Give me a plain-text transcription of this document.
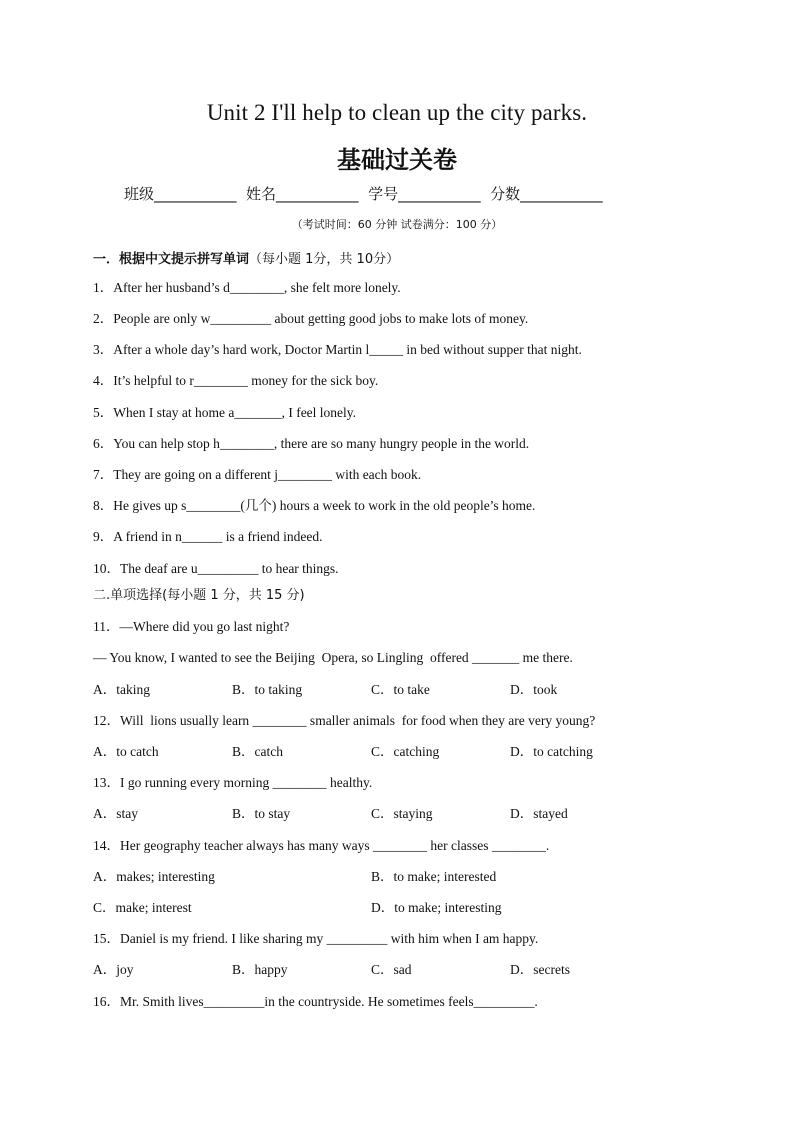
Unit 2 I'll help to clean up the city parks.
基础过关卷
班级___________  姓名___________  学号___________  分数___________
（考试时间：60 分钟 试卷满分：100 分）
一．根据中文提示拼写单词（每小题 1分，共 10分）
1．After her husband’s d________, she felt more lonely.
2．People are only w_________ about getting good jobs to make lots of money.
3．After a whole day’s hard work, Doctor Martin l_____ in bed without supper that night.
4．It’s helpful to r________ money for the sick boy.
5．When I stay at home a_______, I feel lonely.
6．You can help stop h________, there are so many hungry people in the world.
7．They are going on a different j________ with each book.
8．He gives up s________(几个) hours a week to work in the old people’s home.
9．A friend in n______ is a friend indeed.
10．The deaf are u_________ to hear things.
二.单项选择(每小题 1 分，共 15 分)
11．—Where did you go last night?
— You know, I wanted to see the Beijing  Opera, so Lingling  offered _______ me there.
A．taking	B．to taking	C．to take	D．took
12．Will  lions usually learn ________ smaller animals  for food when they are very young?
A．to catch	B．catch	C．catching	D．to catching
13．I go running every morning ________ healthy.
A．stay	B．to stay	C．staying	D．stayed
14．Her geography teacher always has many ways ________ her classes ________.
A．makes; interesting	B．to make; interested
C．make; interest	D．to make; interesting
15．Daniel is my friend. I like sharing my _________ with him when I am happy.
A．joy	B．happy	C．sad	D．secrets
16．Mr. Smith lives_________in the countryside. He sometimes feels_________.
